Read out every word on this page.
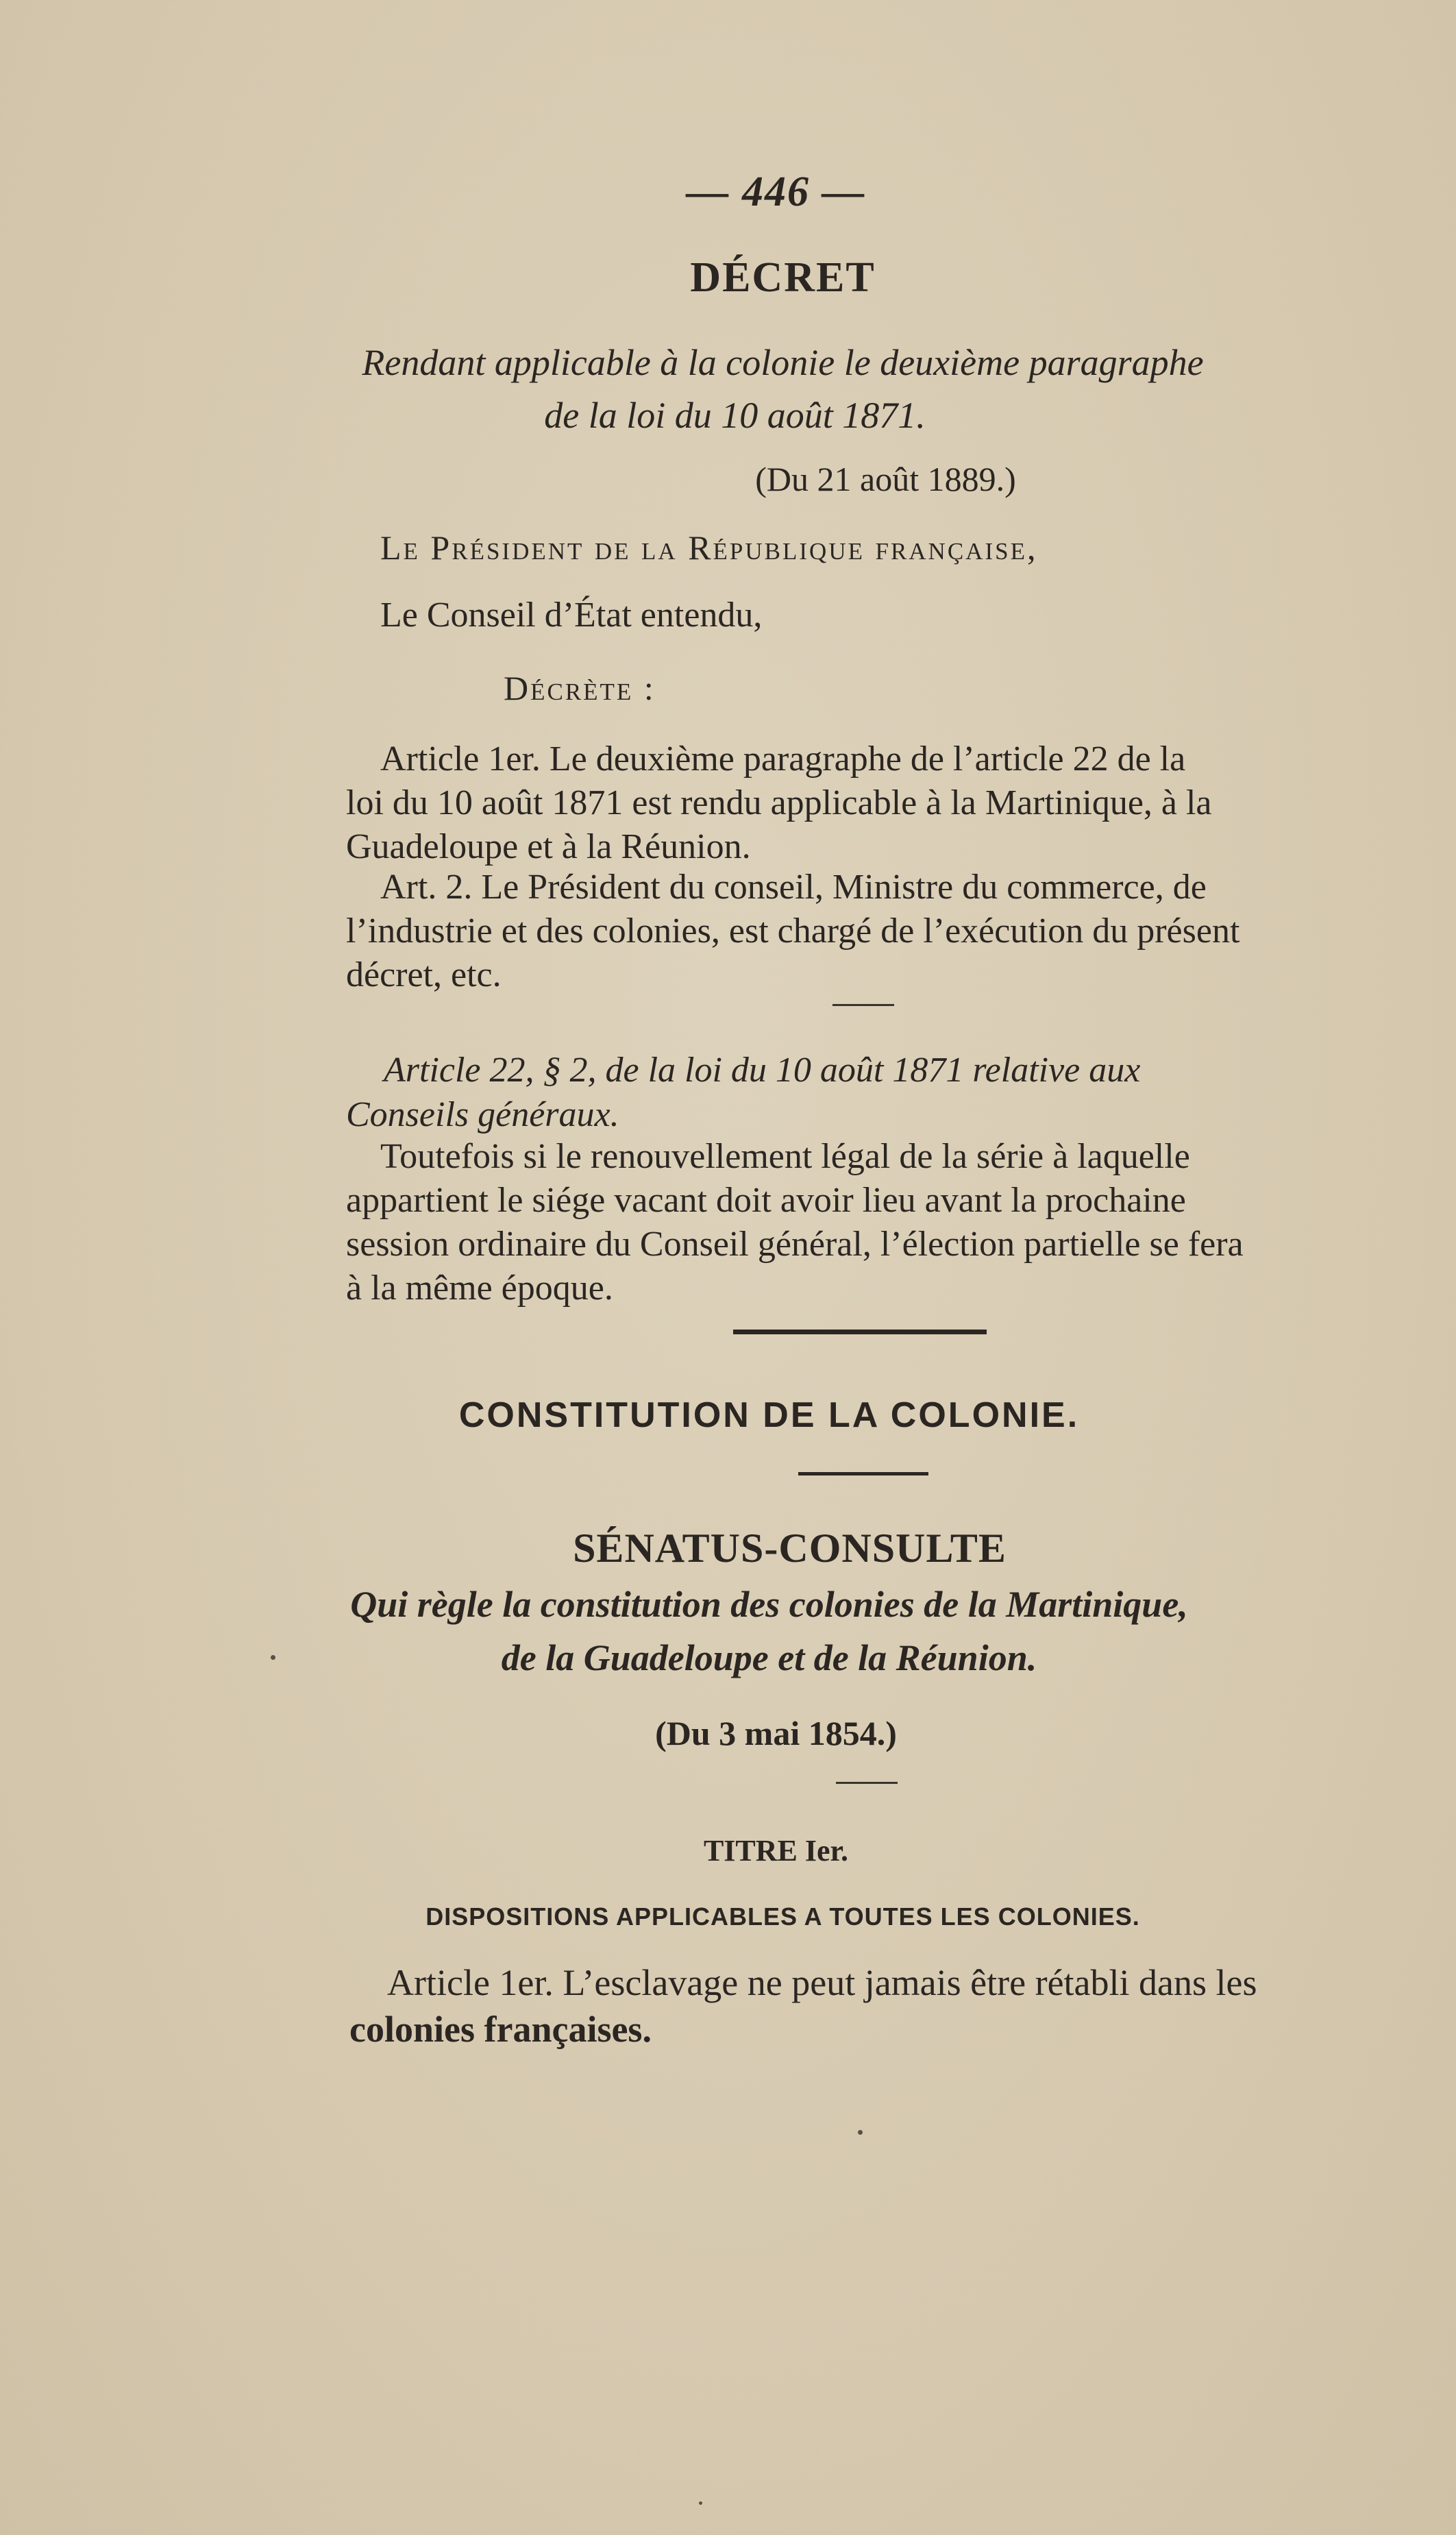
— 446 —
DÉCRET
Rendant applicable à la colonie le deuxième paragraphe
de la loi du 10 août 1871.
(Du 21 août 1889.)
Le Président de la République française,
Le Conseil d’État entendu,
Décrète :
Article 1er. Le deuxième paragraphe de l’article 22 de la
loi du 10 août 1871 est rendu applicable à la Martinique, à la
Guadeloupe et à la Réunion.
Art. 2. Le Président du conseil, Ministre du commerce, de
l’industrie et des colonies, est chargé de l’exécution du présent
décret, etc.
Article 22, § 2, de la loi du 10 août 1871 relative aux
Conseils généraux.
Toutefois si le renouvellement légal de la série à laquelle
appartient le siége vacant doit avoir lieu avant la prochaine
session ordinaire du Conseil général, l’élection partielle se fera
à la même époque.
CONSTITUTION DE LA COLONIE.
SÉNATUS-CONSULTE
Qui règle la constitution des colonies de la Martinique,
de la Guadeloupe et de la Réunion.
(Du 3 mai 1854.)
TITRE Ier.
DISPOSITIONS APPLICABLES A TOUTES LES COLONIES.
Article 1er. L’esclavage ne peut jamais être rétabli dans les
colonies françaises.
